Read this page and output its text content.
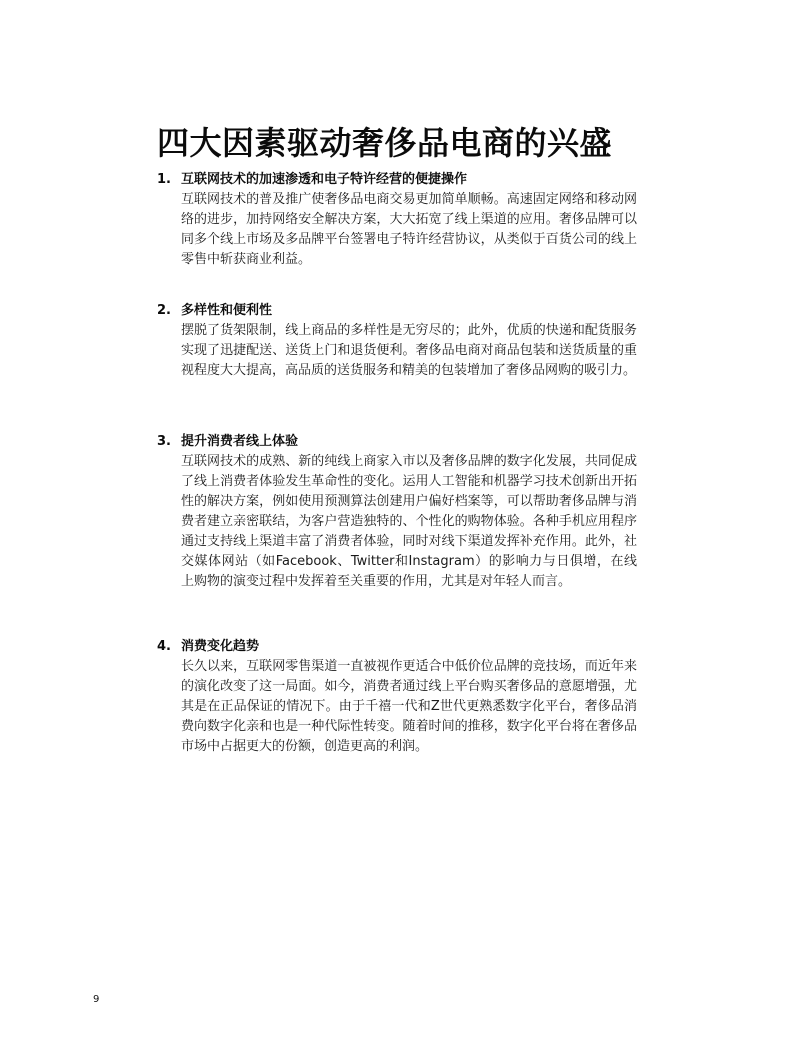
四大因素驱动奢侈品电商的兴盛
1. 互联网技术的加速渗透和电子特许经营的便捷操作
互联网技术的普及推广使奢侈品电商交易更加简单顺畅。高速固定网络和移动网络的进步，加持网络安全解决方案，大大拓宽了线上渠道的应用。奢侈品牌可以同多个线上市场及多品牌平台签署电子特许经营协议，从类似于百货公司的线上零售中斩获商业利益。
2. 多样性和便利性
摆脱了货架限制，线上商品的多样性是无穷尽的；此外，优质的快递和配货服务实现了迅捷配送、送货上门和退货便利。奢侈品电商对商品包装和送货质量的重视程度大大提高，高品质的送货服务和精美的包装增加了奢侈品网购的吸引力。
3. 提升消费者线上体验
互联网技术的成熟、新的纯线上商家入市以及奢侈品牌的数字化发展，共同促成了线上消费者体验发生革命性的变化。运用人工智能和机器学习技术创新出开拓性的解决方案，例如使用预测算法创建用户偏好档案等，可以帮助奢侈品牌与消费者建立亲密联结，为客户营造独特的、个性化的购物体验。各种手机应用程序通过支持线上渠道丰富了消费者体验，同时对线下渠道发挥补充作用。此外，社交媒体网站（如Facebook、Twitter和Instagram）的影响力与日俱增，在线上购物的演变过程中发挥着至关重要的作用，尤其是对年轻人而言。
4. 消费变化趋势
长久以来，互联网零售渠道一直被视作更适合中低价位品牌的竞技场，而近年来的演化改变了这一局面。如今，消费者通过线上平台购买奢侈品的意愿增强，尤其是在正品保证的情况下。由于千禧一代和Z世代更熟悉数字化平台，奢侈品消费向数字化亲和也是一种代际性转变。随着时间的推移，数字化平台将在奢侈品市场中占据更大的份额，创造更高的利润。
9
